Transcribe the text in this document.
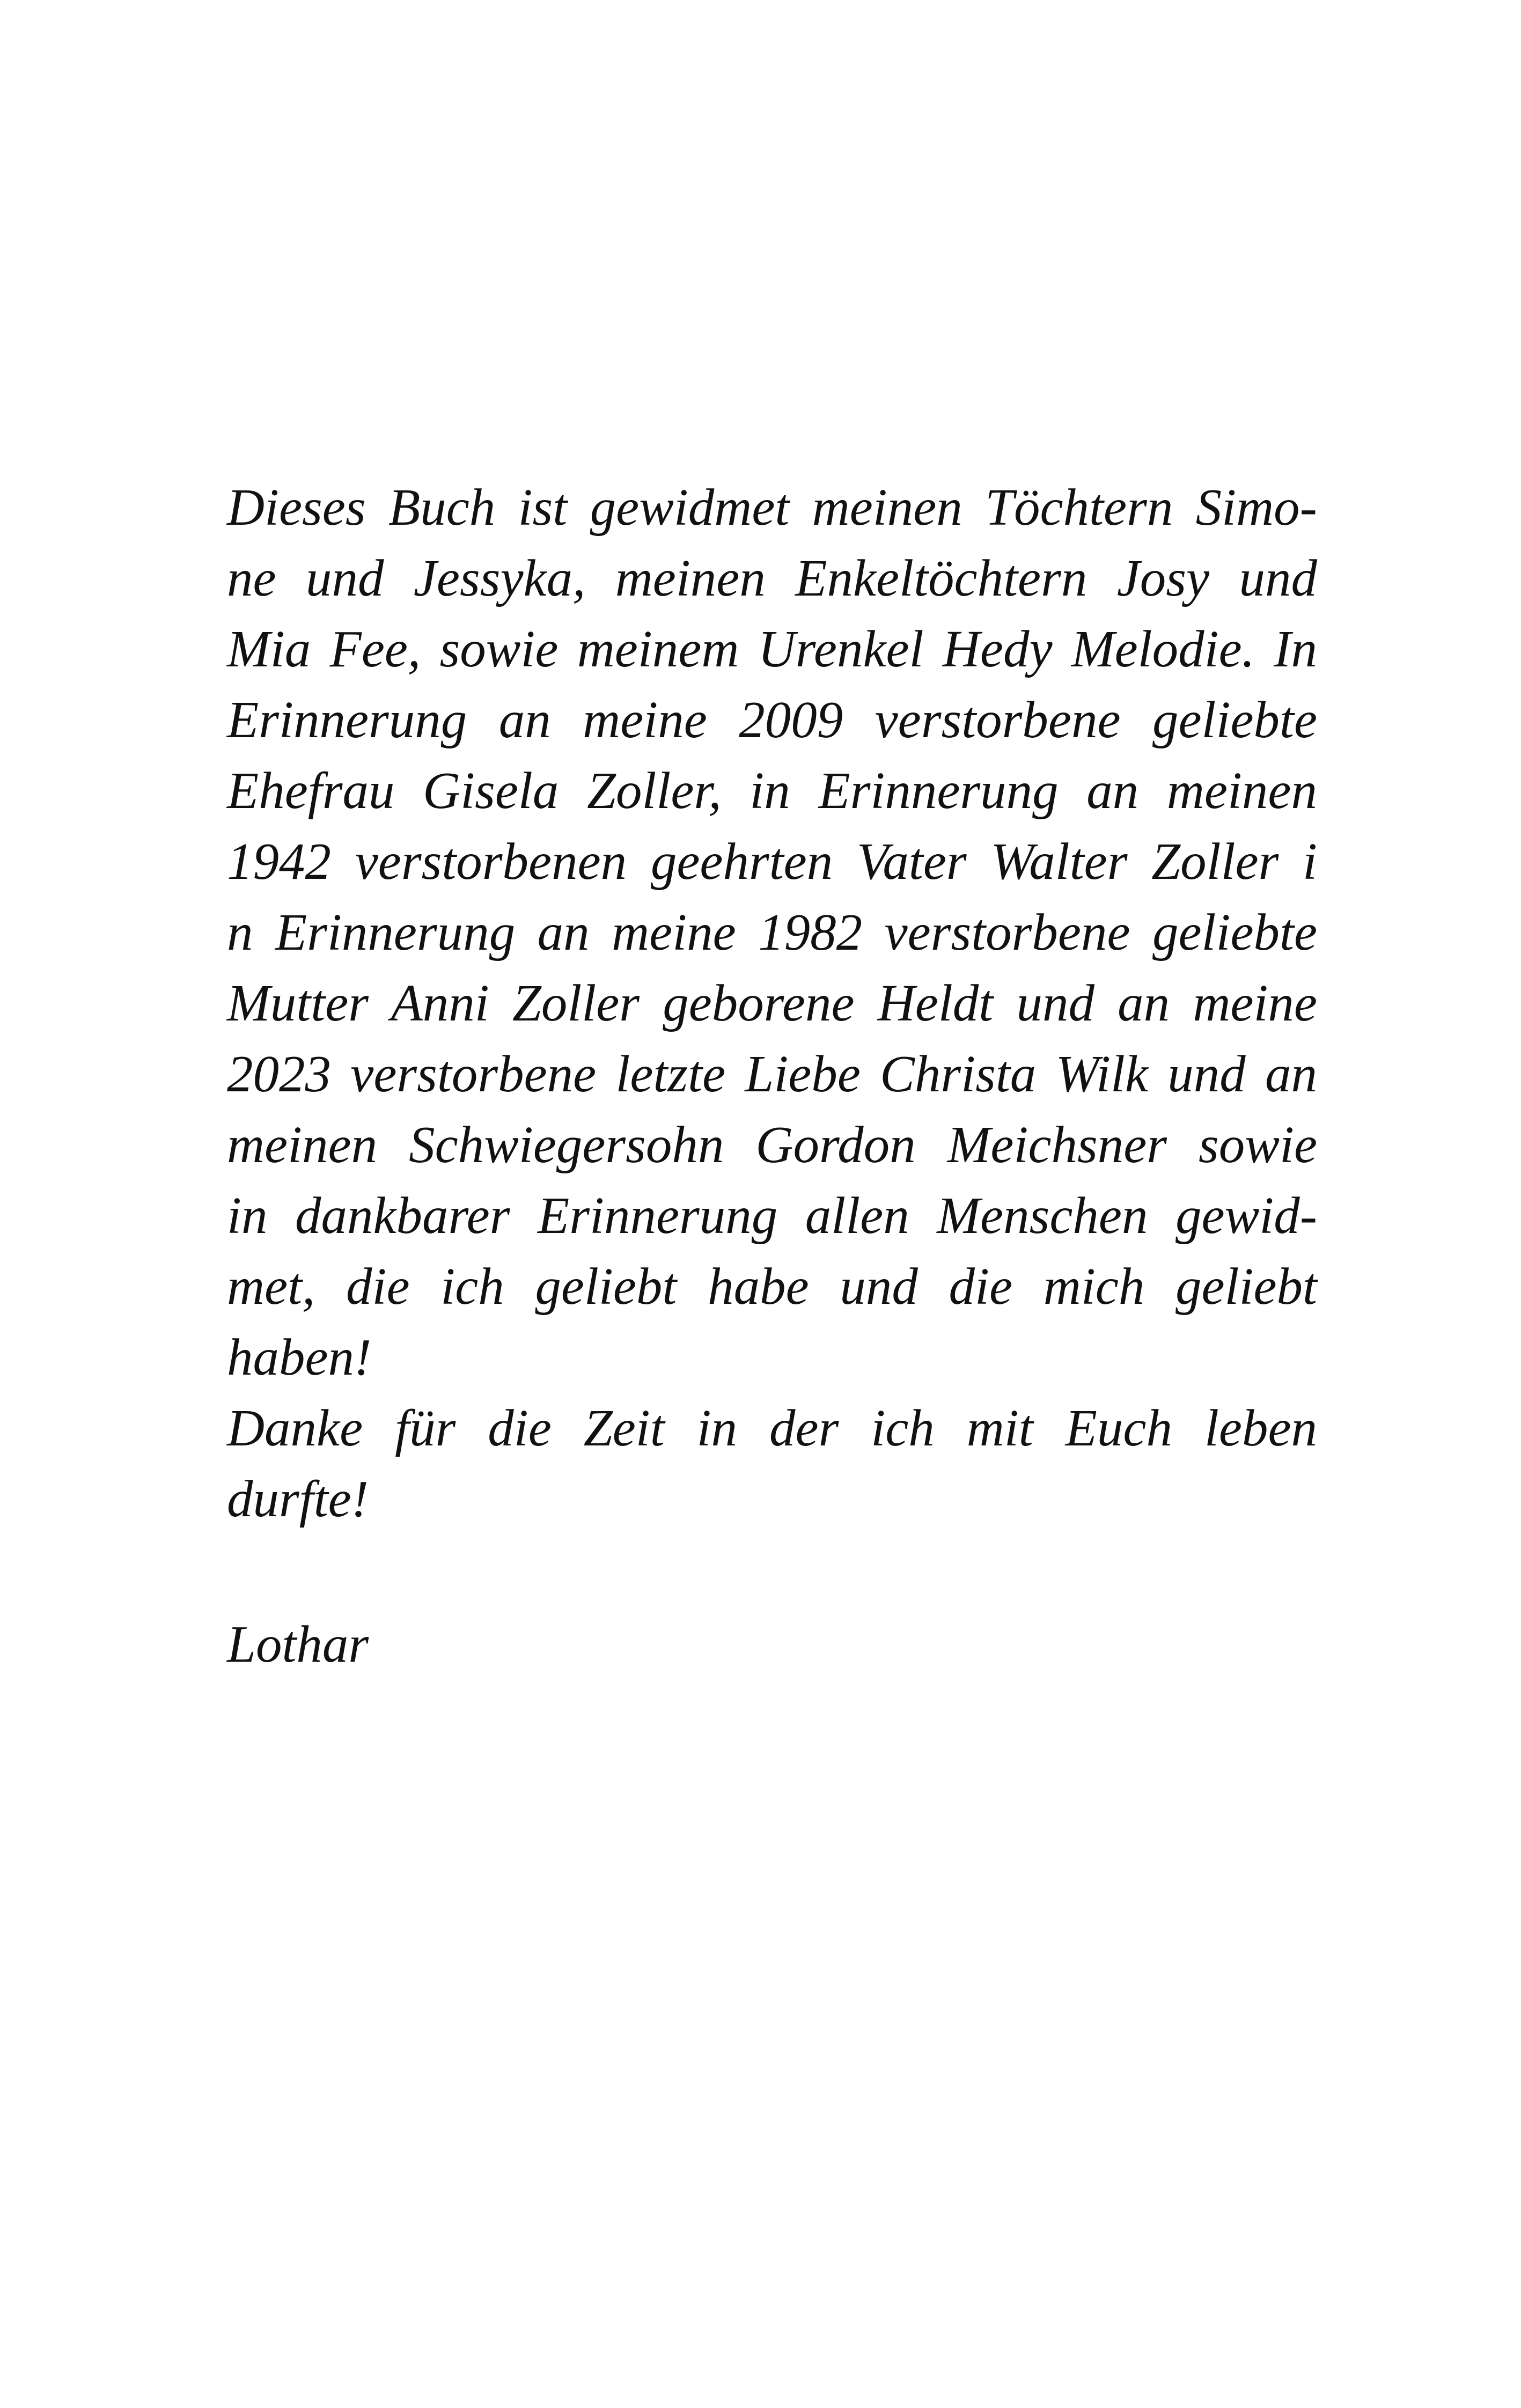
Dieses Buch ist gewidmet meinen Töchtern Simo-
ne und Jessyka, meinen Enkeltöchtern Josy und
Mia Fee, sowie meinem Urenkel Hedy Melodie. In
Erinnerung an meine 2009 verstorbene geliebte
Ehefrau Gisela Zoller, in Erinnerung an meinen
1942 verstorbenen geehrten Vater Walter Zoller i
n Erinnerung an meine 1982 verstorbene geliebte
Mutter Anni Zoller geborene Heldt und an meine
2023 verstorbene letzte Liebe Christa Wilk und an
meinen Schwiegersohn Gordon Meichsner sowie
in dankbarer Erinnerung allen Menschen gewid-
met, die ich geliebt habe und die mich geliebt
haben!
Danke für die Zeit in der ich mit Euch leben
durfte!
Lothar
